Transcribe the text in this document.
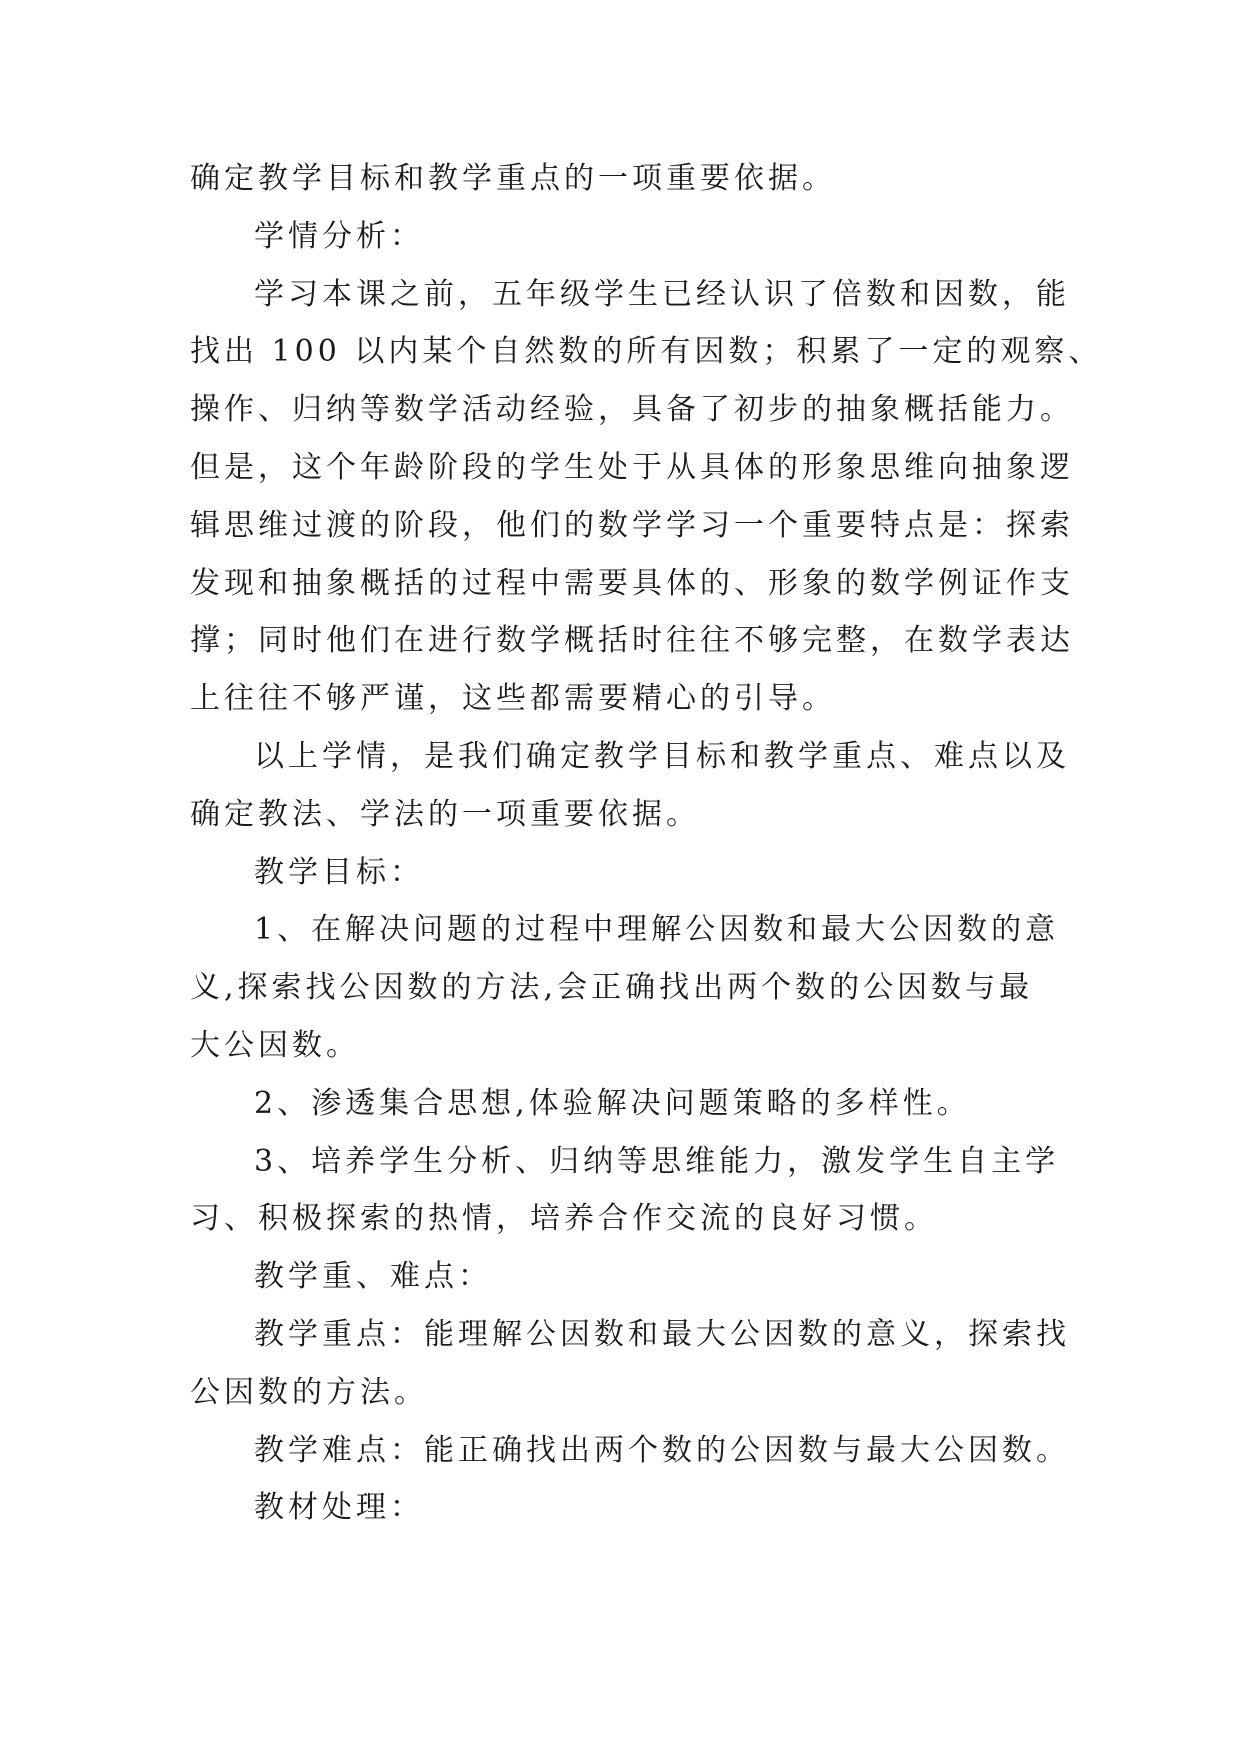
确定教学目标和教学重点的一项重要依据。
学情分析：
学习本课之前，五年级学生已经认识了倍数和因数，能
找出 100 以内某个自然数的所有因数；积累了一定的观察、
操作、归纳等数学活动经验，具备了初步的抽象概括能力。
但是，这个年龄阶段的学生处于从具体的形象思维向抽象逻
辑思维过渡的阶段，他们的数学学习一个重要特点是：探索
发现和抽象概括的过程中需要具体的、形象的数学例证作支
撑；同时他们在进行数学概括时往往不够完整，在数学表达
上往往不够严谨，这些都需要精心的引导。
以上学情，是我们确定教学目标和教学重点、难点以及
确定教法、学法的一项重要依据。
教学目标：
1、在解决问题的过程中理解公因数和最大公因数的意
义,探索找公因数的方法,会正确找出两个数的公因数与最
大公因数。
2、渗透集合思想,体验解决问题策略的多样性。
3、培养学生分析、归纳等思维能力，激发学生自主学
习、积极探索的热情，培养合作交流的良好习惯。
教学重、难点：
教学重点：能理解公因数和最大公因数的意义，探索找
公因数的方法。
教学难点：能正确找出两个数的公因数与最大公因数。
教材处理：
